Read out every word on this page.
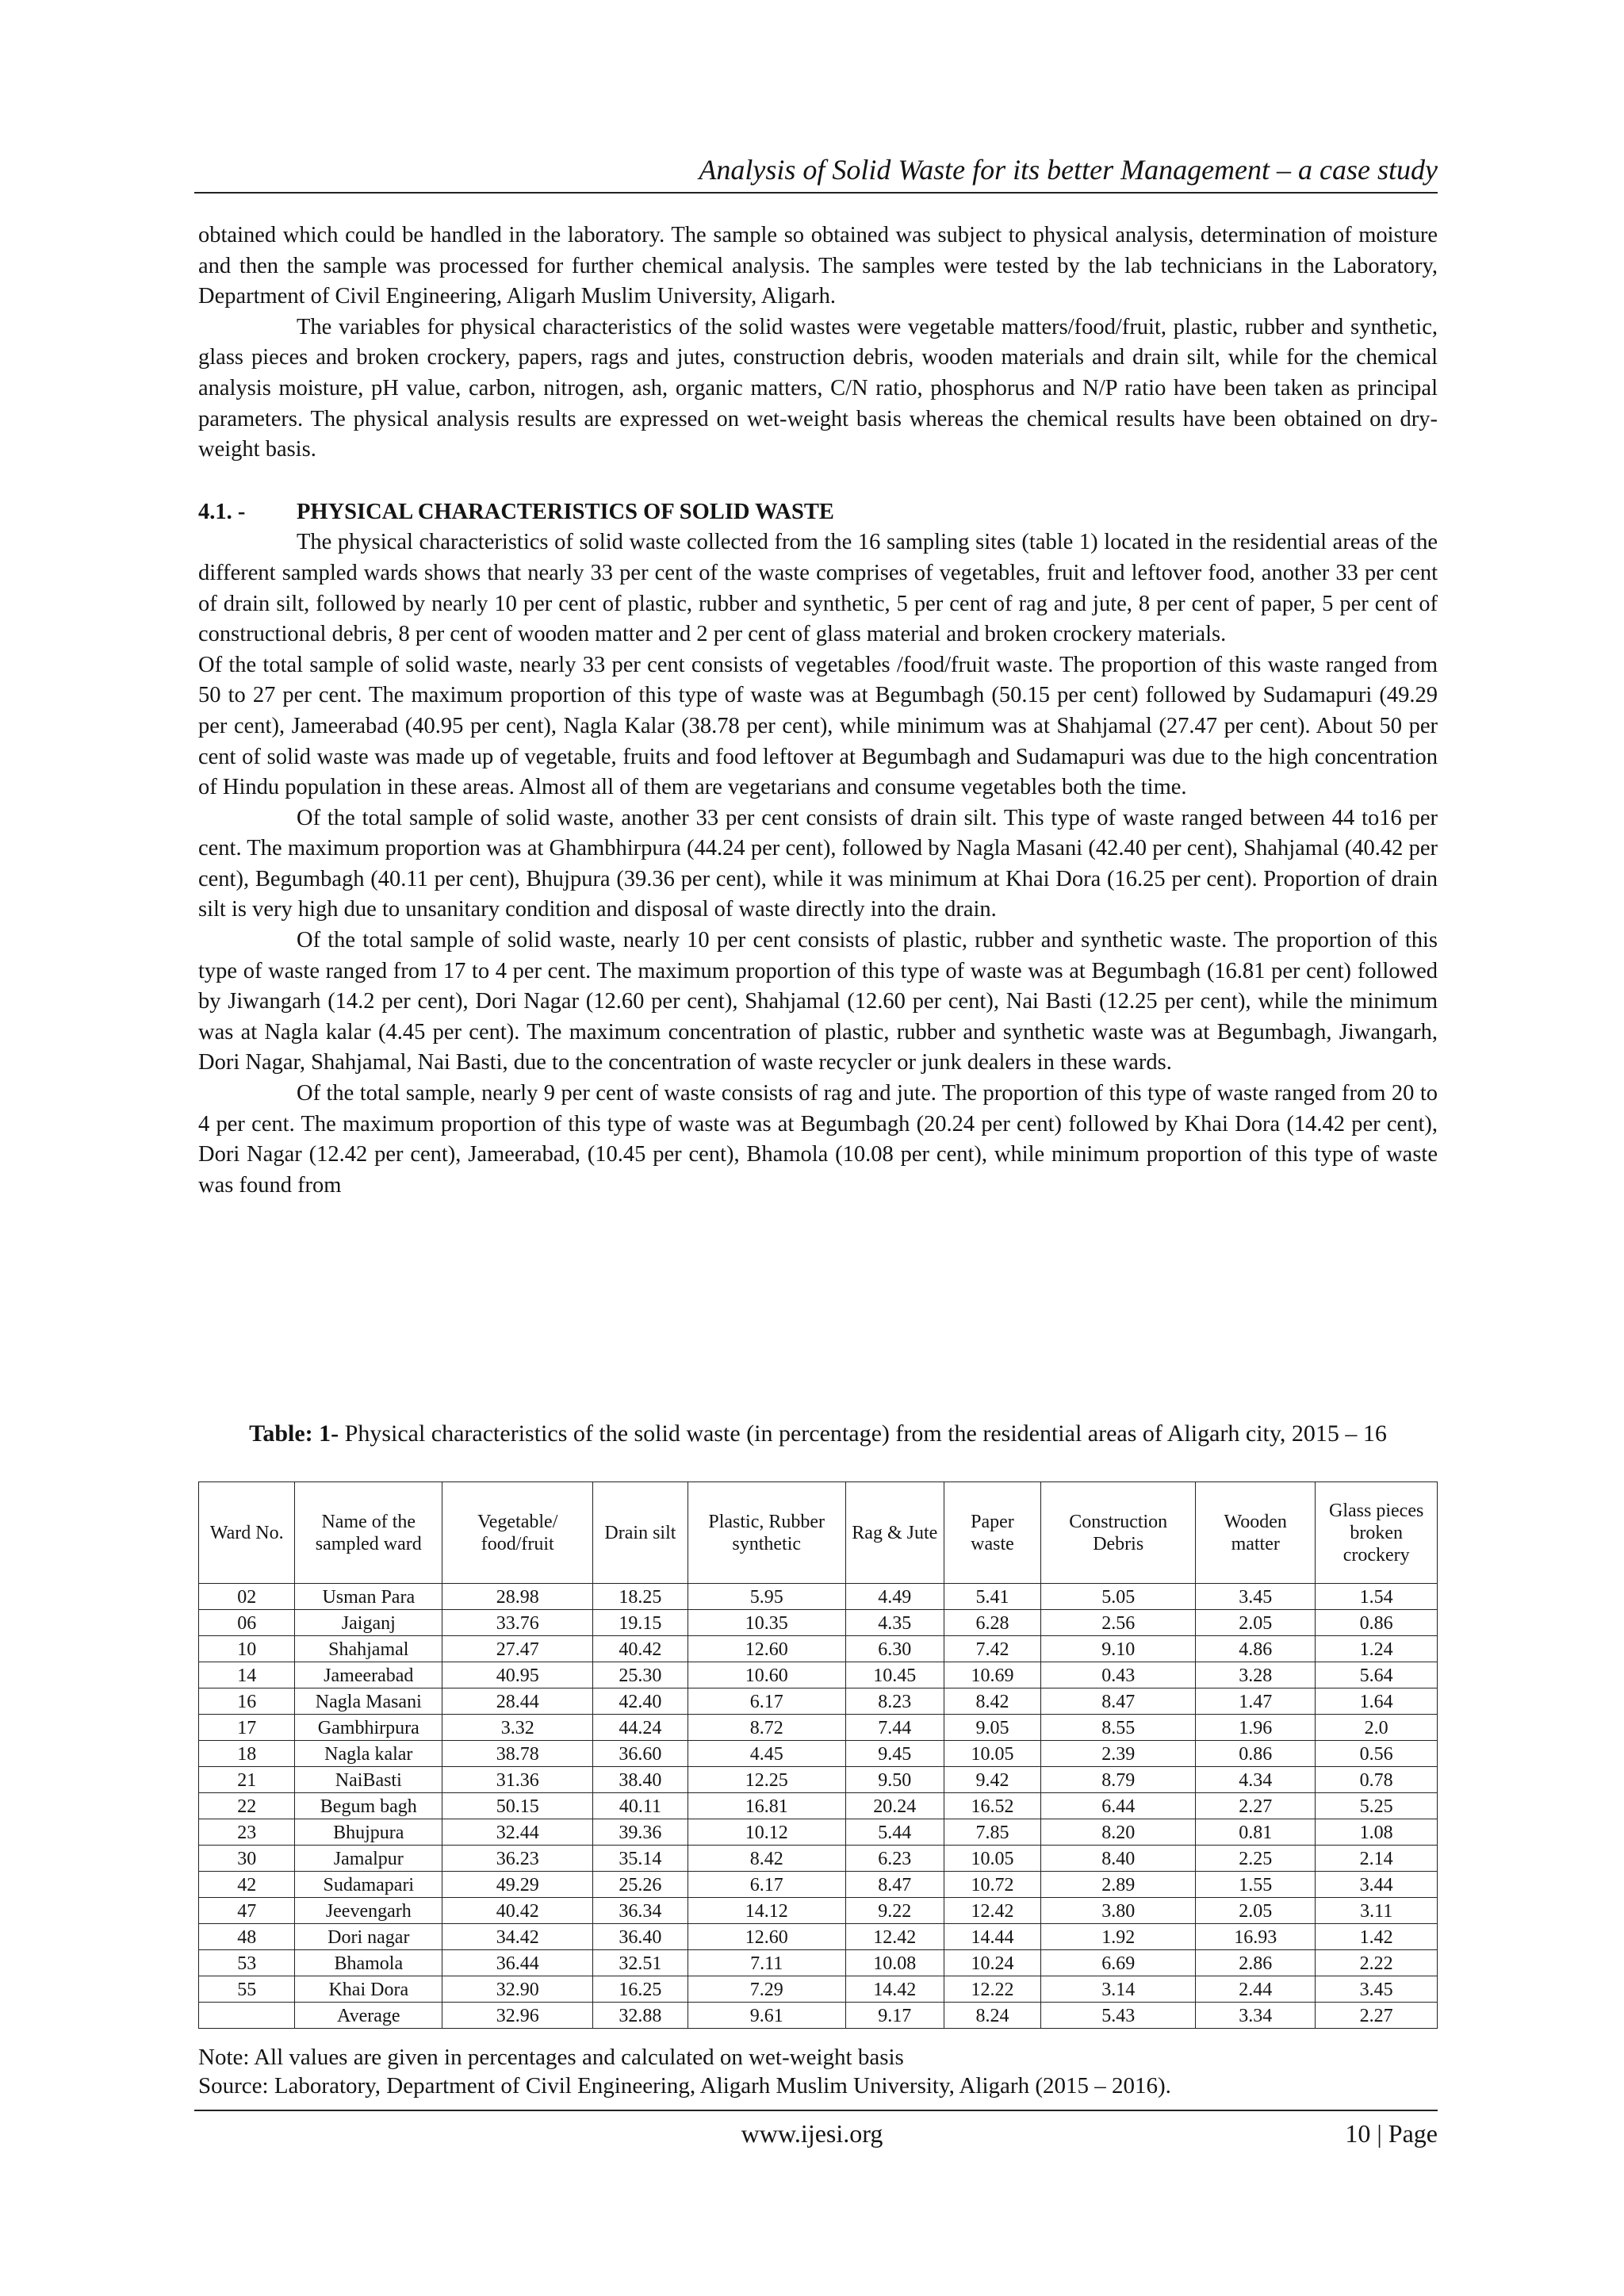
Analysis of Solid Waste for its better Management – a case study

obtained which could be handled in the laboratory. The sample so obtained was subject to physical analysis, determination of moisture and then the sample was processed for further chemical analysis. The samples were tested by the lab technicians in the Laboratory, Department of Civil Engineering, Aligarh Muslim University, Aligarh.

The variables for physical characteristics of the solid wastes were vegetable matters/food/fruit, plastic, rubber and synthetic, glass pieces and broken crockery, papers, rags and jutes, construction debris, wooden materials and drain silt, while for the chemical analysis moisture, pH value, carbon, nitrogen, ash, organic matters, C/N ratio, phosphorus and N/P ratio have been taken as principal parameters. The physical analysis results are expressed on wet-weight basis whereas the chemical results have been obtained on dry- weight basis.

4.1. -	PHYSICAL CHARACTERISTICS OF SOLID WASTE

The physical characteristics of solid waste collected from the 16 sampling sites (table 1) located in the residential areas of the different sampled wards shows that nearly 33 per cent of the waste comprises of vegetables, fruit and leftover food, another 33 per cent of drain silt, followed by nearly 10 per cent of plastic, rubber and synthetic, 5 per cent of rag and jute, 8 per cent of paper, 5 per cent of constructional debris, 8 per cent of wooden matter and 2 per cent of glass material and broken crockery materials.

Of the total sample of solid waste, nearly 33 per cent consists of vegetables /food/fruit waste. The proportion of this waste ranged from 50 to 27 per cent. The maximum proportion of this type of waste was at Begumbagh (50.15 per cent) followed by Sudamapuri (49.29 per cent), Jameerabad (40.95 per cent), Nagla Kalar (38.78 per cent), while minimum was at Shahjamal (27.47 per cent). About 50 per cent of solid waste was made up of vegetable, fruits and food leftover at Begumbagh and Sudamapuri was due to the high concentration of Hindu population in these areas. Almost all of them are vegetarians and consume vegetables both the time.

Of the total sample of solid waste, another 33 per cent consists of drain silt. This type of waste ranged between 44 to16 per cent. The maximum proportion was at Ghambhirpura (44.24 per cent), followed by Nagla Masani (42.40 per cent), Shahjamal (40.42 per cent), Begumbagh (40.11 per cent), Bhujpura (39.36 per cent), while it was minimum at Khai Dora (16.25 per cent). Proportion of drain silt is very high due to unsanitary condition and disposal of waste directly into the drain.

Of the total sample of solid waste, nearly 10 per cent consists of plastic, rubber and synthetic waste. The proportion of this type of waste ranged from 17 to 4 per cent. The maximum proportion of this type of waste was at Begumbagh (16.81 per cent) followed by Jiwangarh (14.2 per cent), Dori Nagar (12.60 per cent), Shahjamal (12.60 per cent), Nai Basti (12.25 per cent), while the minimum was at Nagla kalar (4.45 per cent). The maximum concentration of plastic, rubber and synthetic waste was at Begumbagh, Jiwangarh, Dori Nagar, Shahjamal, Nai Basti, due to the concentration of waste recycler or junk dealers in these wards.

Of the total sample, nearly 9 per cent of waste consists of rag and jute. The proportion of this type of waste ranged from 20 to 4 per cent. The maximum proportion of this type of waste was at Begumbagh (20.24 per cent) followed by Khai Dora (14.42 per cent), Dori Nagar (12.42 per cent), Jameerabad, (10.45 per cent), Bhamola (10.08 per cent), while minimum proportion of this type of waste was found from

Table: 1- Physical characteristics of the solid waste (in percentage) from the residential areas of Aligarh city, 2015 – 16
Ward No.	Name of the sampled ward	Vegetable/ food/fruit	Drain silt	Plastic, Rubber synthetic	Rag & Jute	Paper waste	Construction Debris	Wooden matter	Glass pieces broken crockery
02	Usman Para	28.98	18.25	5.95	4.49	5.41	5.05	3.45	1.54
06	Jaiganj	33.76	19.15	10.35	4.35	6.28	2.56	2.05	0.86
10	Shahjamal	27.47	40.42	12.60	6.30	7.42	9.10	4.86	1.24
14	Jameerabad	40.95	25.30	10.60	10.45	10.69	0.43	3.28	5.64
16	Nagla Masani	28.44	42.40	6.17	8.23	8.42	8.47	1.47	1.64
17	Gambhirpura	3.32	44.24	8.72	7.44	9.05	8.55	1.96	2.0
18	Nagla kalar	38.78	36.60	4.45	9.45	10.05	2.39	0.86	0.56
21	NaiBasti	31.36	38.40	12.25	9.50	9.42	8.79	4.34	0.78
22	Begum bagh	50.15	40.11	16.81	20.24	16.52	6.44	2.27	5.25
23	Bhujpura	32.44	39.36	10.12	5.44	7.85	8.20	0.81	1.08
30	Jamalpur	36.23	35.14	8.42	6.23	10.05	8.40	2.25	2.14
42	Sudamapari	49.29	25.26	6.17	8.47	10.72	2.89	1.55	3.44
47	Jeevengarh	40.42	36.34	14.12	9.22	12.42	3.80	2.05	3.11
48	Dori nagar	34.42	36.40	12.60	12.42	14.44	1.92	16.93	1.42
53	Bhamola	36.44	32.51	7.11	10.08	10.24	6.69	2.86	2.22
55	Khai Dora	32.90	16.25	7.29	14.42	12.22	3.14	2.44	3.45
	Average	32.96	32.88	9.61	9.17	8.24	5.43	3.34	2.27
Note: All values are given in percentages and calculated on wet-weight basis
Source: Laboratory, Department of Civil Engineering, Aligarh Muslim University, Aligarh (2015 – 2016).
www.ijesi.org	10 | Page
